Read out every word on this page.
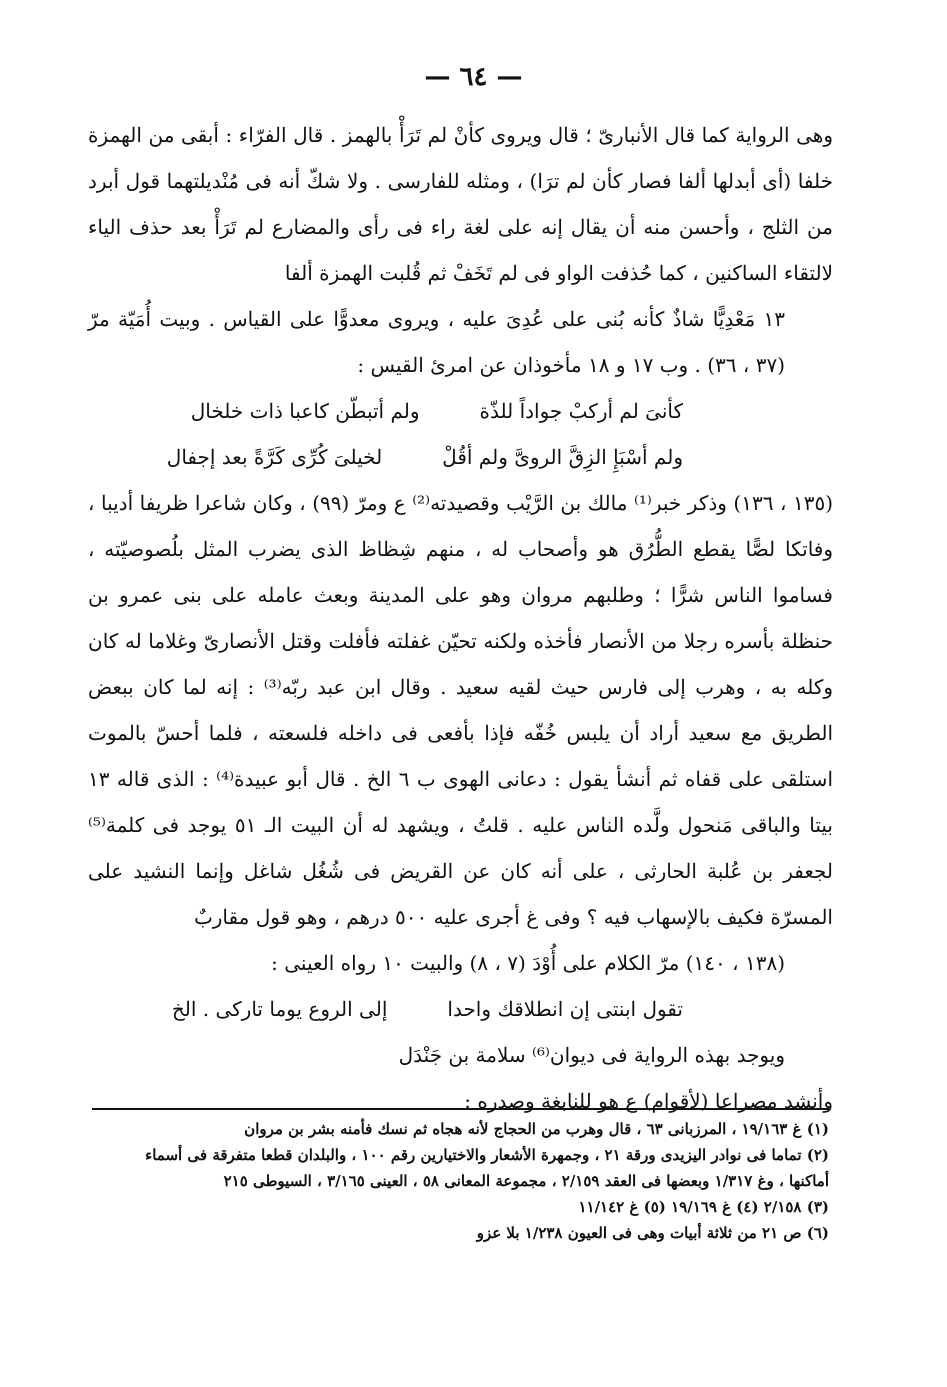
— ٦٤ —

وهى الرواية كما قال الأنبارىّ ؛ قال ويروى كأنْ لم تَرَأْ بالهمز . قال الفرّاء : أبقى من الهمزة خلفا (أى أبدلها ألفا فصار كأن لم ترَا) ، ومثله للفارسى . ولا شكّ أنه فى مُنْديلتهما قول أبرد من الثلج ، وأحسن منه أن يقال إنه على لغة راء فى رأى والمضارع لم تَرَأْ بعد حذف الياء لالتقاء الساكنين ، كما حُذفت الواو فى لم تَخَفْ ثم قُلبت الهمزة ألفا

١٣ مَعْدِيًّا شاذٌ كأنه بُنى على عُدِىَ عليه ، ويروى معدوًّا على القياس . وبيت أُمَيّة مرّ (٣٧ ، ٣٦) . وب ١٧ و ١٨ مأخوذان عن امرئ القيس :

كأنىَ لم أركبْ جواداً للذّة
ولم أتبطّن كاعبا ذات خلخال
ولم أسْبَإِ الزِقَّ الروىَّ ولم أقُلْ
لخيلىَ كُرِّى كَرَّةً بعد إجفال

(١٣٥ ، ١٣٦) وذكر خبر⁽¹⁾ مالك بن الرَّيْب وقصيدته⁽²⁾ ع ومرّ (٩٩) ، وكان شاعرا ظريفا أديبا ، وفاتكا لصًّا يقطع الطُّرُق هو وأصحاب له ، منهم شِظاظ الذى يضرب المثل بلُصوصيّته ، فساموا الناس شرًّا ؛ وطلبهم مروان وهو على المدينة وبعث عامله على بنى عمرو بن حنظلة بأسره رجلا من الأنصار فأخذه ولكنه تحيّن غفلته فأفلت وقتل الأنصارىّ وغلاما له كان وكله به ، وهرب إلى فارس حيث لقيه سعيد . وقال ابن عبد ربّه⁽³⁾ : إنه لما كان ببعض الطريق مع سعيد أراد أن يلبس خُفّه فإذا بأفعى فى داخله فلسعته ، فلما أحسّ بالموت استلقى على قفاه ثم أنشأ يقول : دعانى الهوى ب ٦ الخ . قال أبو عبيدة⁽⁴⁾ : الذى قاله ١٣ بيتا والباقى مَنحول ولَّده الناس عليه . قلتُ ، ويشهد له أن البيت الـ ٥١ يوجد فى كلمة⁽⁵⁾ لجعفر بن عُلبة الحارثى ، على أنه كان عن القريض فى شُغُل شاغل وإنما النشيد على المسرّة فكيف بالإسهاب فيه ؟ وفى غ أجرى عليه ٥٠٠ درهم ، وهو قول مقاربٌ

(١٣٨ ، ١٤٠) مرّ الكلام على أُوْدَ (٧ ، ٨) والبيت ١٠ رواه العينى :

تقول ابنتى إن انطلاقك واحدا
إلى الروع يوما تاركى . الخ

ويوجد بهذه الرواية فى ديوان⁽⁶⁾ سلامة بن جَنْدَل

وأنشد مصراعا (لأقوام) ع هو للنابغة وصدره :

(١) غ ١٩/١٦٣ ، المرزبانى ٦٣ ، قال وهرب من الحجاج لأنه هجاه ثم نسك فأمنه بشر بن مروان
(٢) تماما فى نوادر اليزيدى ورقة ٢١ ، وجمهرة الأشعار والاختيارين رقم ١٠٠ ، والبلدان قطعا متفرقة فى أسماء
أماكنها ، وغ ١/٣١٧ وبعضها فى العقد ٢/١٥٩ ، مجموعة المعانى ٥٨ ، العينى ٣/١٦٥ ، السيوطى ٢١٥
(٣) ٢/١٥٨ (٤) غ ١٩/١٦٩ (٥) غ ١١/١٤٢
(٦) ص ٢١ من ثلاثة أبيات وهى فى العيون ١/٢٣٨ بلا عزو
